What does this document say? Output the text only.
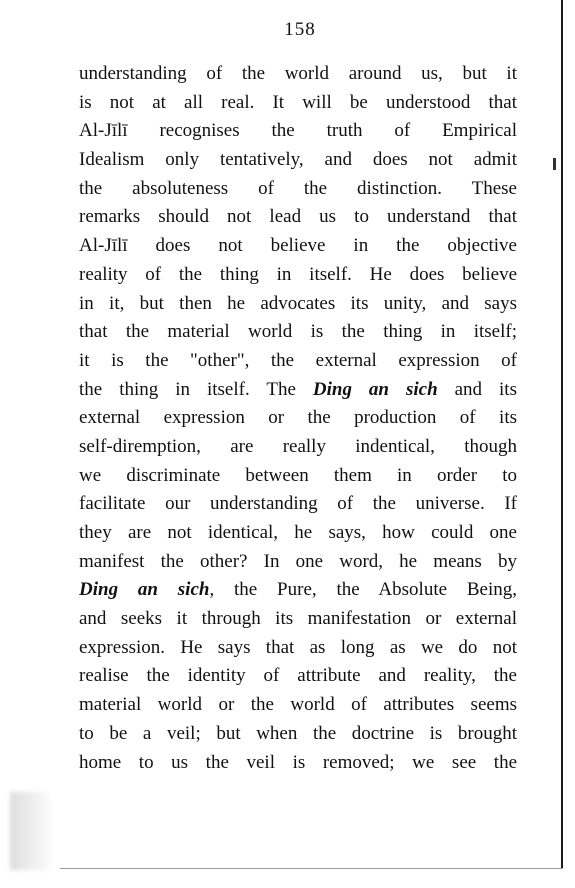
158
understanding of the world around us, but it
is not at all real. It will be understood that
Al-Jīlī recognises the truth of Empirical
Idealism only tentatively, and does not admit
the absoluteness of the distinction. These
remarks should not lead us to understand that
Al-Jīlī does not believe in the objective
reality of the thing in itself. He does believe
in it, but then he advocates its unity, and says
that the material world is the thing in itself;
it is the "other", the external expression of
the thing in itself. The Ding an sich and its
external expression or the production of its
self-diremption, are really indentical, though
we discriminate between them in order to
facilitate our understanding of the universe. If
they are not identical, he says, how could one
manifest the other? In one word, he means by
Ding an sich, the Pure, the Absolute Being,
and seeks it through its manifestation or external
expression. He says that as long as we do not
realise the identity of attribute and reality, the
material world or the world of attributes seems
to be a veil; but when the doctrine is brought
home to us the veil is removed; we see the
